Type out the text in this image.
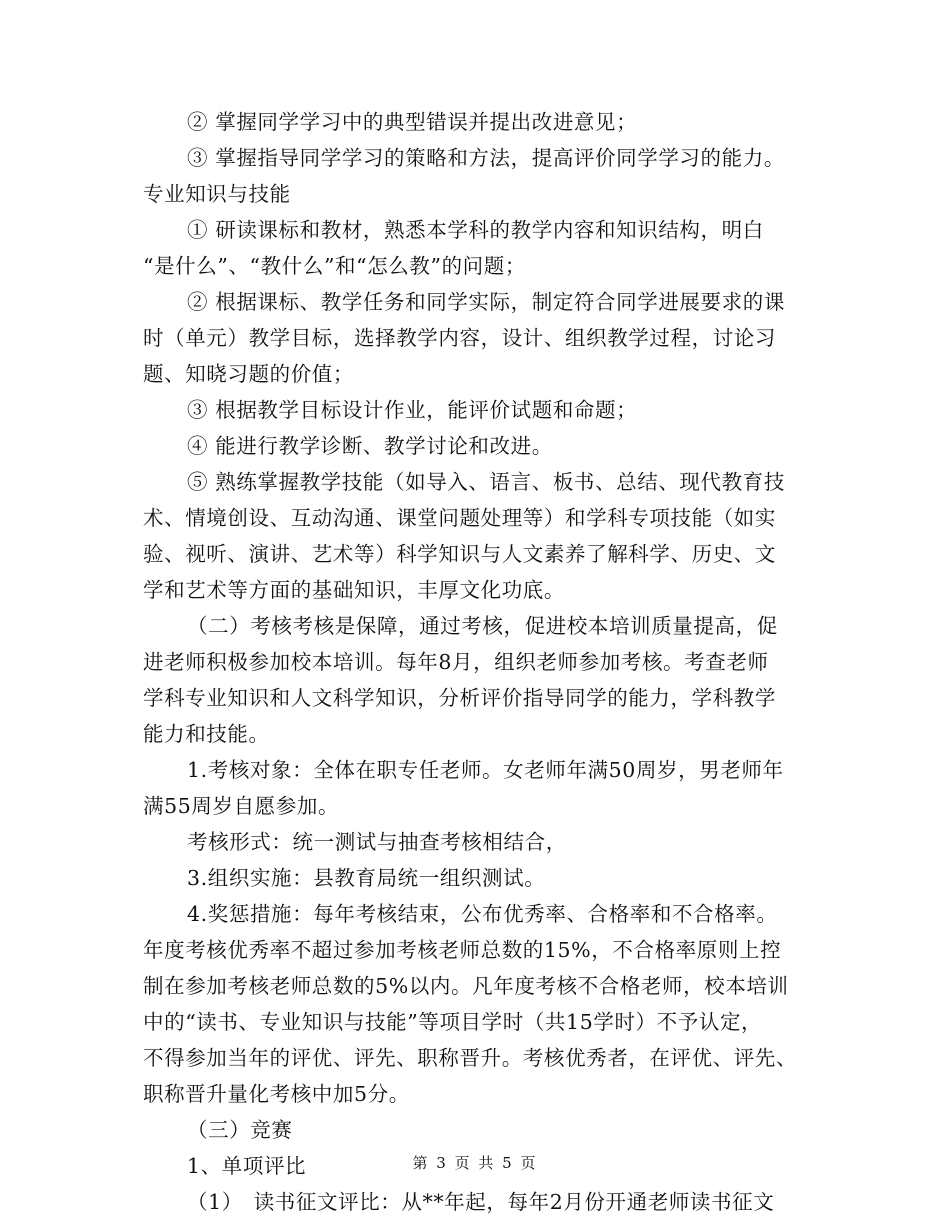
② 掌握同学学习中的典型错误并提出改进意见；
③ 掌握指导同学学习的策略和方法，提高评价同学学习的能力。
专业知识与技能
① 研读课标和教材，熟悉本学科的教学内容和知识结构，明白
“是什么”、“教什么”和“怎么教”的问题；
② 根据课标、教学任务和同学实际，制定符合同学进展要求的课
时（单元）教学目标，选择教学内容，设计、组织教学过程，讨论习
题、知晓习题的价值；
③ 根据教学目标设计作业，能评价试题和命题；
④ 能进行教学诊断、教学讨论和改进。
⑤ 熟练掌握教学技能（如导入、语言、板书、总结、现代教育技
术、情境创设、互动沟通、课堂问题处理等）和学科专项技能（如实
验、视听、演讲、艺术等）科学知识与人文素养了解科学、历史、文
学和艺术等方面的基础知识，丰厚文化功底。
（二）考核考核是保障，通过考核，促进校本培训质量提高，促
进老师积极参加校本培训。每年8月，组织老师参加考核。考查老师
学科专业知识和人文科学知识，分析评价指导同学的能力，学科教学
能力和技能。
1.考核对象：全体在职专任老师。女老师年满50周岁，男老师年
满55周岁自愿参加。
考核形式：统一测试与抽查考核相结合，
3.组织实施：县教育局统一组织测试。
4.奖惩措施：每年考核结束，公布优秀率、合格率和不合格率。
年度考核优秀率不超过参加考核老师总数的15%，不合格率原则上控
制在参加考核老师总数的5%以内。凡年度考核不合格老师，校本培训
中的“读书、专业知识与技能”等项目学时（共15学时）不予认定，
不得参加当年的评优、评先、职称晋升。考核优秀者，在评优、评先、
职称晋升量化考核中加5分。
（三）竞赛
1、单项评比
（1）　读书征文评比：从**年起，每年2月份开通老师读书征文
第 3 页 共 5 页
